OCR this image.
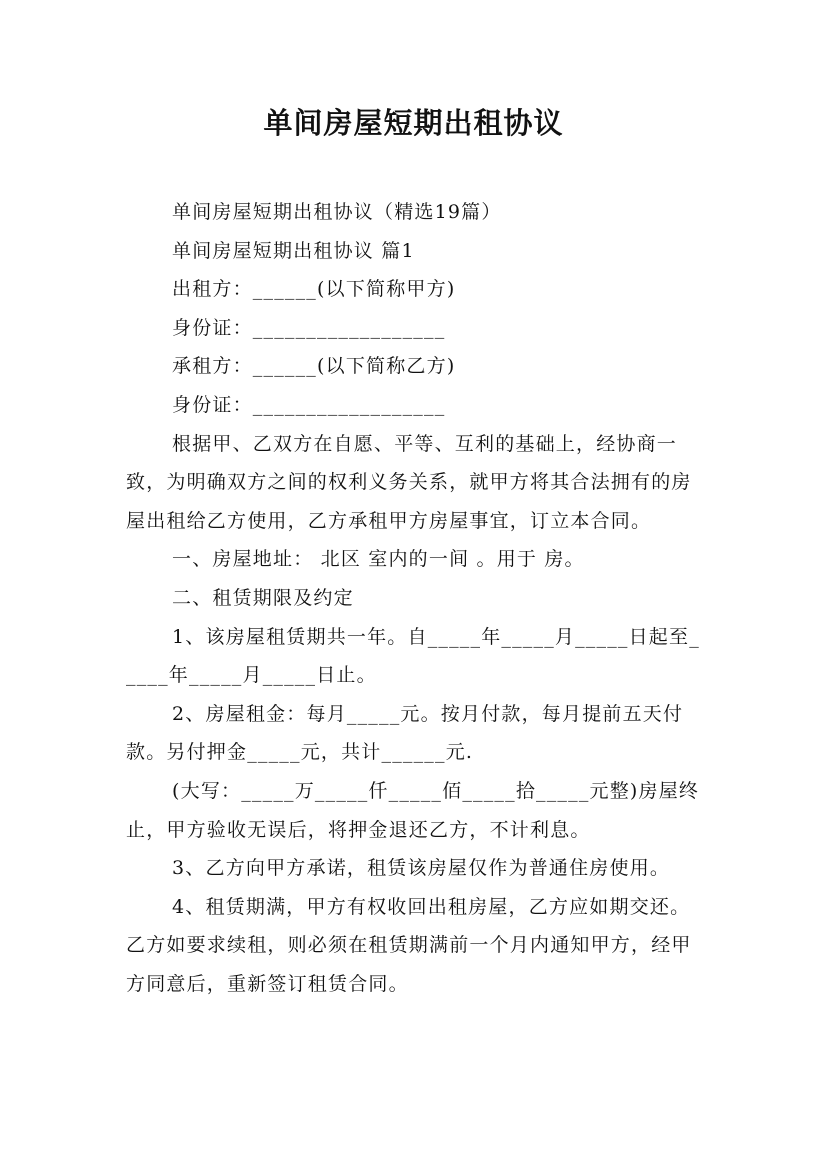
单间房屋短期出租协议

单间房屋短期出租协议（精选19篇）

单间房屋短期出租协议 篇1

出租方：______(以下简称甲方)

身份证：__________________

承租方：______(以下简称乙方)

身份证：__________________

根据甲、乙双方在自愿、平等、互利的基础上，经协商一致，为明确双方之间的权利义务关系，就甲方将其合法拥有的房屋出租给乙方使用，乙方承租甲方房屋事宜，订立本合同。

一、房屋地址： 北区 室内的一间 。用于 房。

二、租赁期限及约定

1、该房屋租赁期共一年。自_____年_____月_____日起至_____年_____月_____日止。

2、房屋租金：每月_____元。按月付款，每月提前五天付款。另付押金_____元，共计______元.

(大写：_____万_____仟_____佰_____拾_____元整)房屋终止，甲方验收无误后，将押金退还乙方，不计利息。

3、乙方向甲方承诺，租赁该房屋仅作为普通住房使用。

4、租赁期满，甲方有权收回出租房屋，乙方应如期交还。乙方如要求续租，则必须在租赁期满前一个月内通知甲方，经甲方同意后，重新签订租赁合同。
